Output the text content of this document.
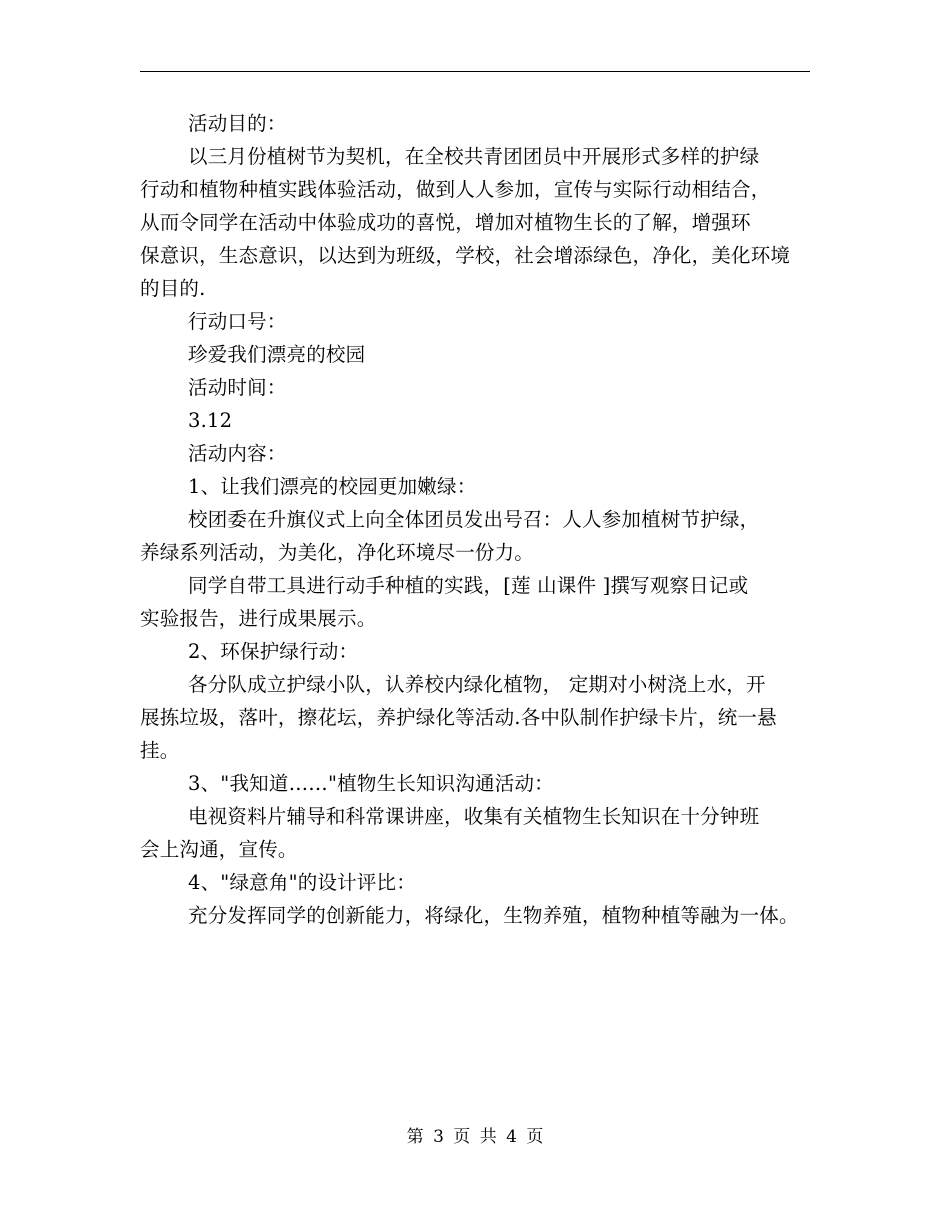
活动目的：
以三月份植树节为契机，在全校共青团团员中开展形式多样的护绿
行动和植物种植实践体验活动，做到人人参加，宣传与实际行动相结合，
从而令同学在活动中体验成功的喜悦，增加对植物生长的了解，增强环
保意识，生态意识，以达到为班级，学校，社会增添绿色，净化，美化环境
的目的.
行动口号：
珍爱我们漂亮的校园
活动时间：
3.12
活动内容：
1、让我们漂亮的校园更加嫩绿：
校团委在升旗仪式上向全体团员发出号召：人人参加植树节护绿，
养绿系列活动，为美化，净化环境尽一份力。
同学自带工具进行动手种植的实践，[莲 山课件 ]撰写观察日记或
实验报告，进行成果展示。
2、环保护绿行动：
各分队成立护绿小队，认养校内绿化植物， 定期对小树浇上水，开
展拣垃圾，落叶，擦花坛，养护绿化等活动.各中队制作护绿卡片，统一悬
挂。
3、"我知道……"植物生长知识沟通活动：
电视资料片辅导和科常课讲座，收集有关植物生长知识在十分钟班
会上沟通，宣传。
4、"绿意角"的设计评比：
充分发挥同学的创新能力，将绿化，生物养殖，植物种植等融为一体。
第 3 页 共 4 页
